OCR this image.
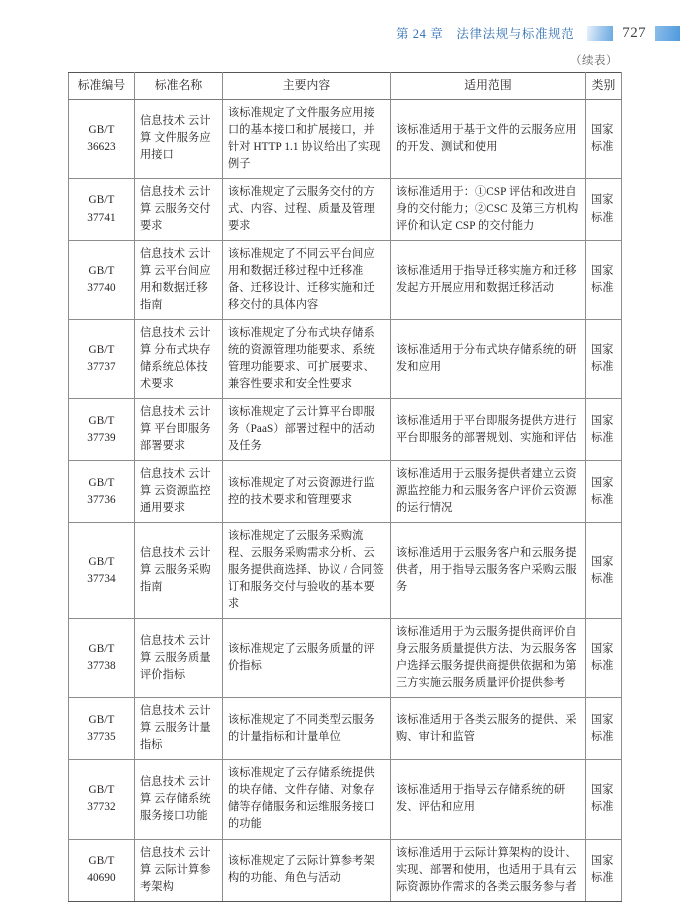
第 24 章　法律法规与标准规范	727
（续表）
标准编号	标准名称	主要内容	适用范围	类别
GB/T
36623	信息技术 云计算 文件服务应用接口	该标准规定了文件服务应用接口的基本接口和扩展接口，并针对 HTTP 1.1 协议给出了实现例子	该标准适用于基于文件的云服务应用的开发、测试和使用	国家标准
GB/T
37741	信息技术 云计算 云服务交付要求	该标准规定了云服务交付的方式、内容、过程、质量及管理要求	该标准适用于：①CSP 评估和改进自身的交付能力；②CSC 及第三方机构评价和认定 CSP 的交付能力	国家标准
GB/T
37740	信息技术 云计算 云平台间应用和数据迁移指南	该标准规定了不同云平台间应用和数据迁移过程中迁移准备、迁移设计、迁移实施和迁移交付的具体内容	该标准适用于指导迁移实施方和迁移发起方开展应用和数据迁移活动	国家标准
GB/T
37737	信息技术 云计算 分布式块存储系统总体技术要求	该标准规定了分布式块存储系统的资源管理功能要求、系统管理功能要求、可扩展要求、兼容性要求和安全性要求	该标准适用于分布式块存储系统的研发和应用	国家标准
GB/T
37739	信息技术 云计算 平台即服务部署要求	该标准规定了云计算平台即服务（PaaS）部署过程中的活动及任务	该标准适用于平台即服务提供方进行平台即服务的部署规划、实施和评估	国家标准
GB/T
37736	信息技术 云计算 云资源监控通用要求	该标准规定了对云资源进行监控的技术要求和管理要求	该标准适用于云服务提供者建立云资源监控能力和云服务客户评价云资源的运行情况	国家标准
GB/T
37734	信息技术 云计算 云服务采购指南	该标准规定了云服务采购流程、云服务采购需求分析、云服务提供商选择、协议 / 合同签订和服务交付与验收的基本要求	该标准适用于云服务客户和云服务提供者，用于指导云服务客户采购云服务	国家标准
GB/T
37738	信息技术 云计算 云服务质量评价指标	该标准规定了云服务质量的评价指标	该标准适用于为云服务提供商评价自身云服务质量提供方法、为云服务客户选择云服务提供商提供依据和为第三方实施云服务质量评价提供参考	国家标准
GB/T
37735	信息技术 云计算 云服务计量指标	该标准规定了不同类型云服务的计量指标和计量单位	该标准适用于各类云服务的提供、采购、审计和监管	国家标准
GB/T
37732	信息技术 云计算 云存储系统服务接口功能	该标准规定了云存储系统提供的块存储、文件存储、对象存储等存储服务和运维服务接口的功能	该标准适用于指导云存储系统的研发、评估和应用	国家标准
GB/T
40690	信息技术 云计算 云际计算参考架构	该标准规定了云际计算参考架构的功能、角色与活动	该标准适用于云际计算架构的设计、实现、部署和使用，也适用于具有云际资源协作需求的各类云服务参与者	国家标准
